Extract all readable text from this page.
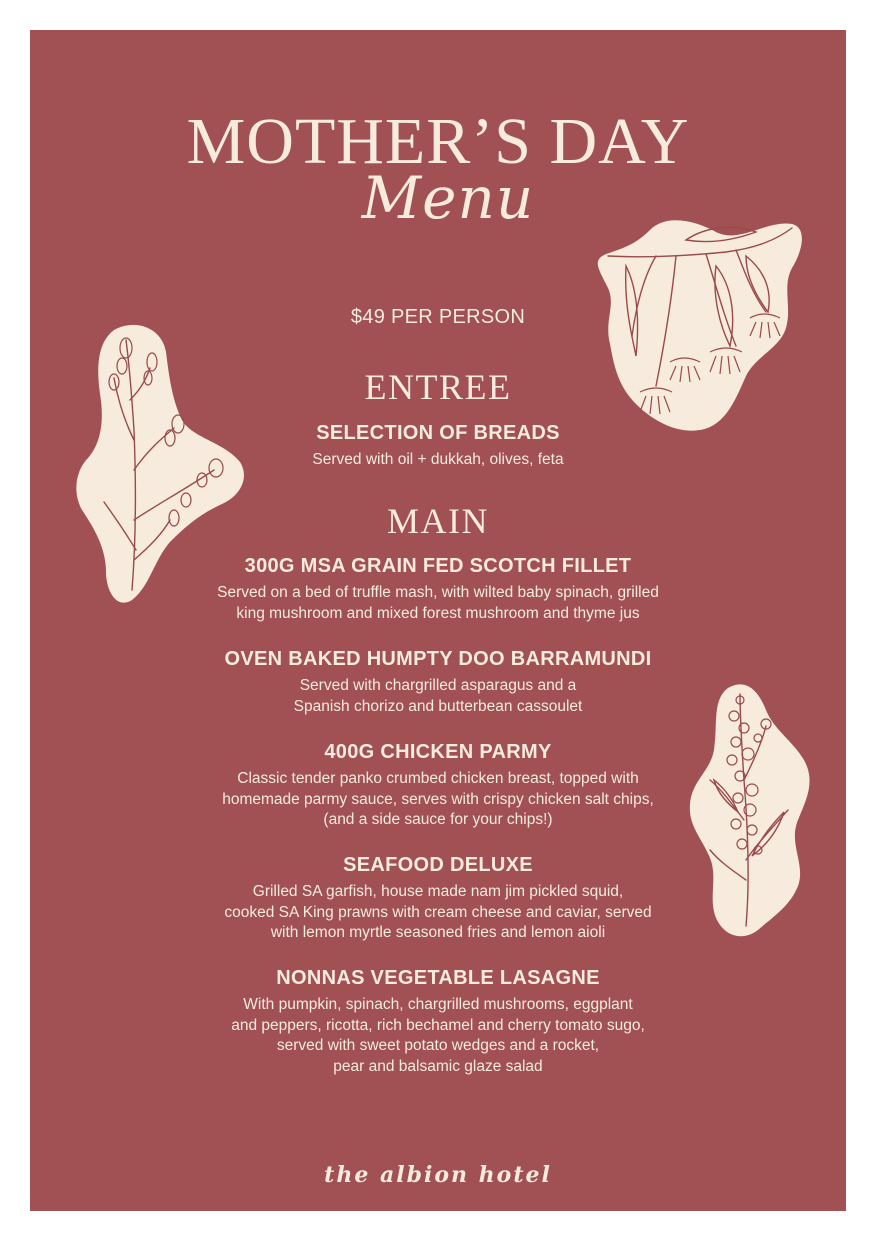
MOTHER’S DAY
Menu
$49 PER PERSON
ENTREE
SELECTION OF BREADS
Served with oil + dukkah, olives, feta
MAIN
300G MSA GRAIN FED SCOTCH FILLET
Served on a bed of truffle mash, with wilted baby spinach, grilled
king mushroom and mixed forest mushroom and thyme jus
OVEN BAKED HUMPTY DOO BARRAMUNDI
Served with chargrilled asparagus and a
Spanish chorizo and butterbean cassoulet
400G CHICKEN PARMY
Classic tender panko crumbed chicken breast, topped with
homemade parmy sauce, serves with crispy chicken salt chips,
(and a side sauce for your chips!)
SEAFOOD DELUXE
Grilled SA garfish, house made nam jim pickled squid,
cooked SA King prawns with cream cheese and caviar, served
with lemon myrtle seasoned fries and lemon aioli
NONNAS VEGETABLE LASAGNE
With pumpkin, spinach, chargrilled mushrooms, eggplant
and peppers, ricotta, rich bechamel and cherry tomato sugo,
served with sweet potato wedges and a rocket,
pear and balsamic glaze salad
the albion hotel
